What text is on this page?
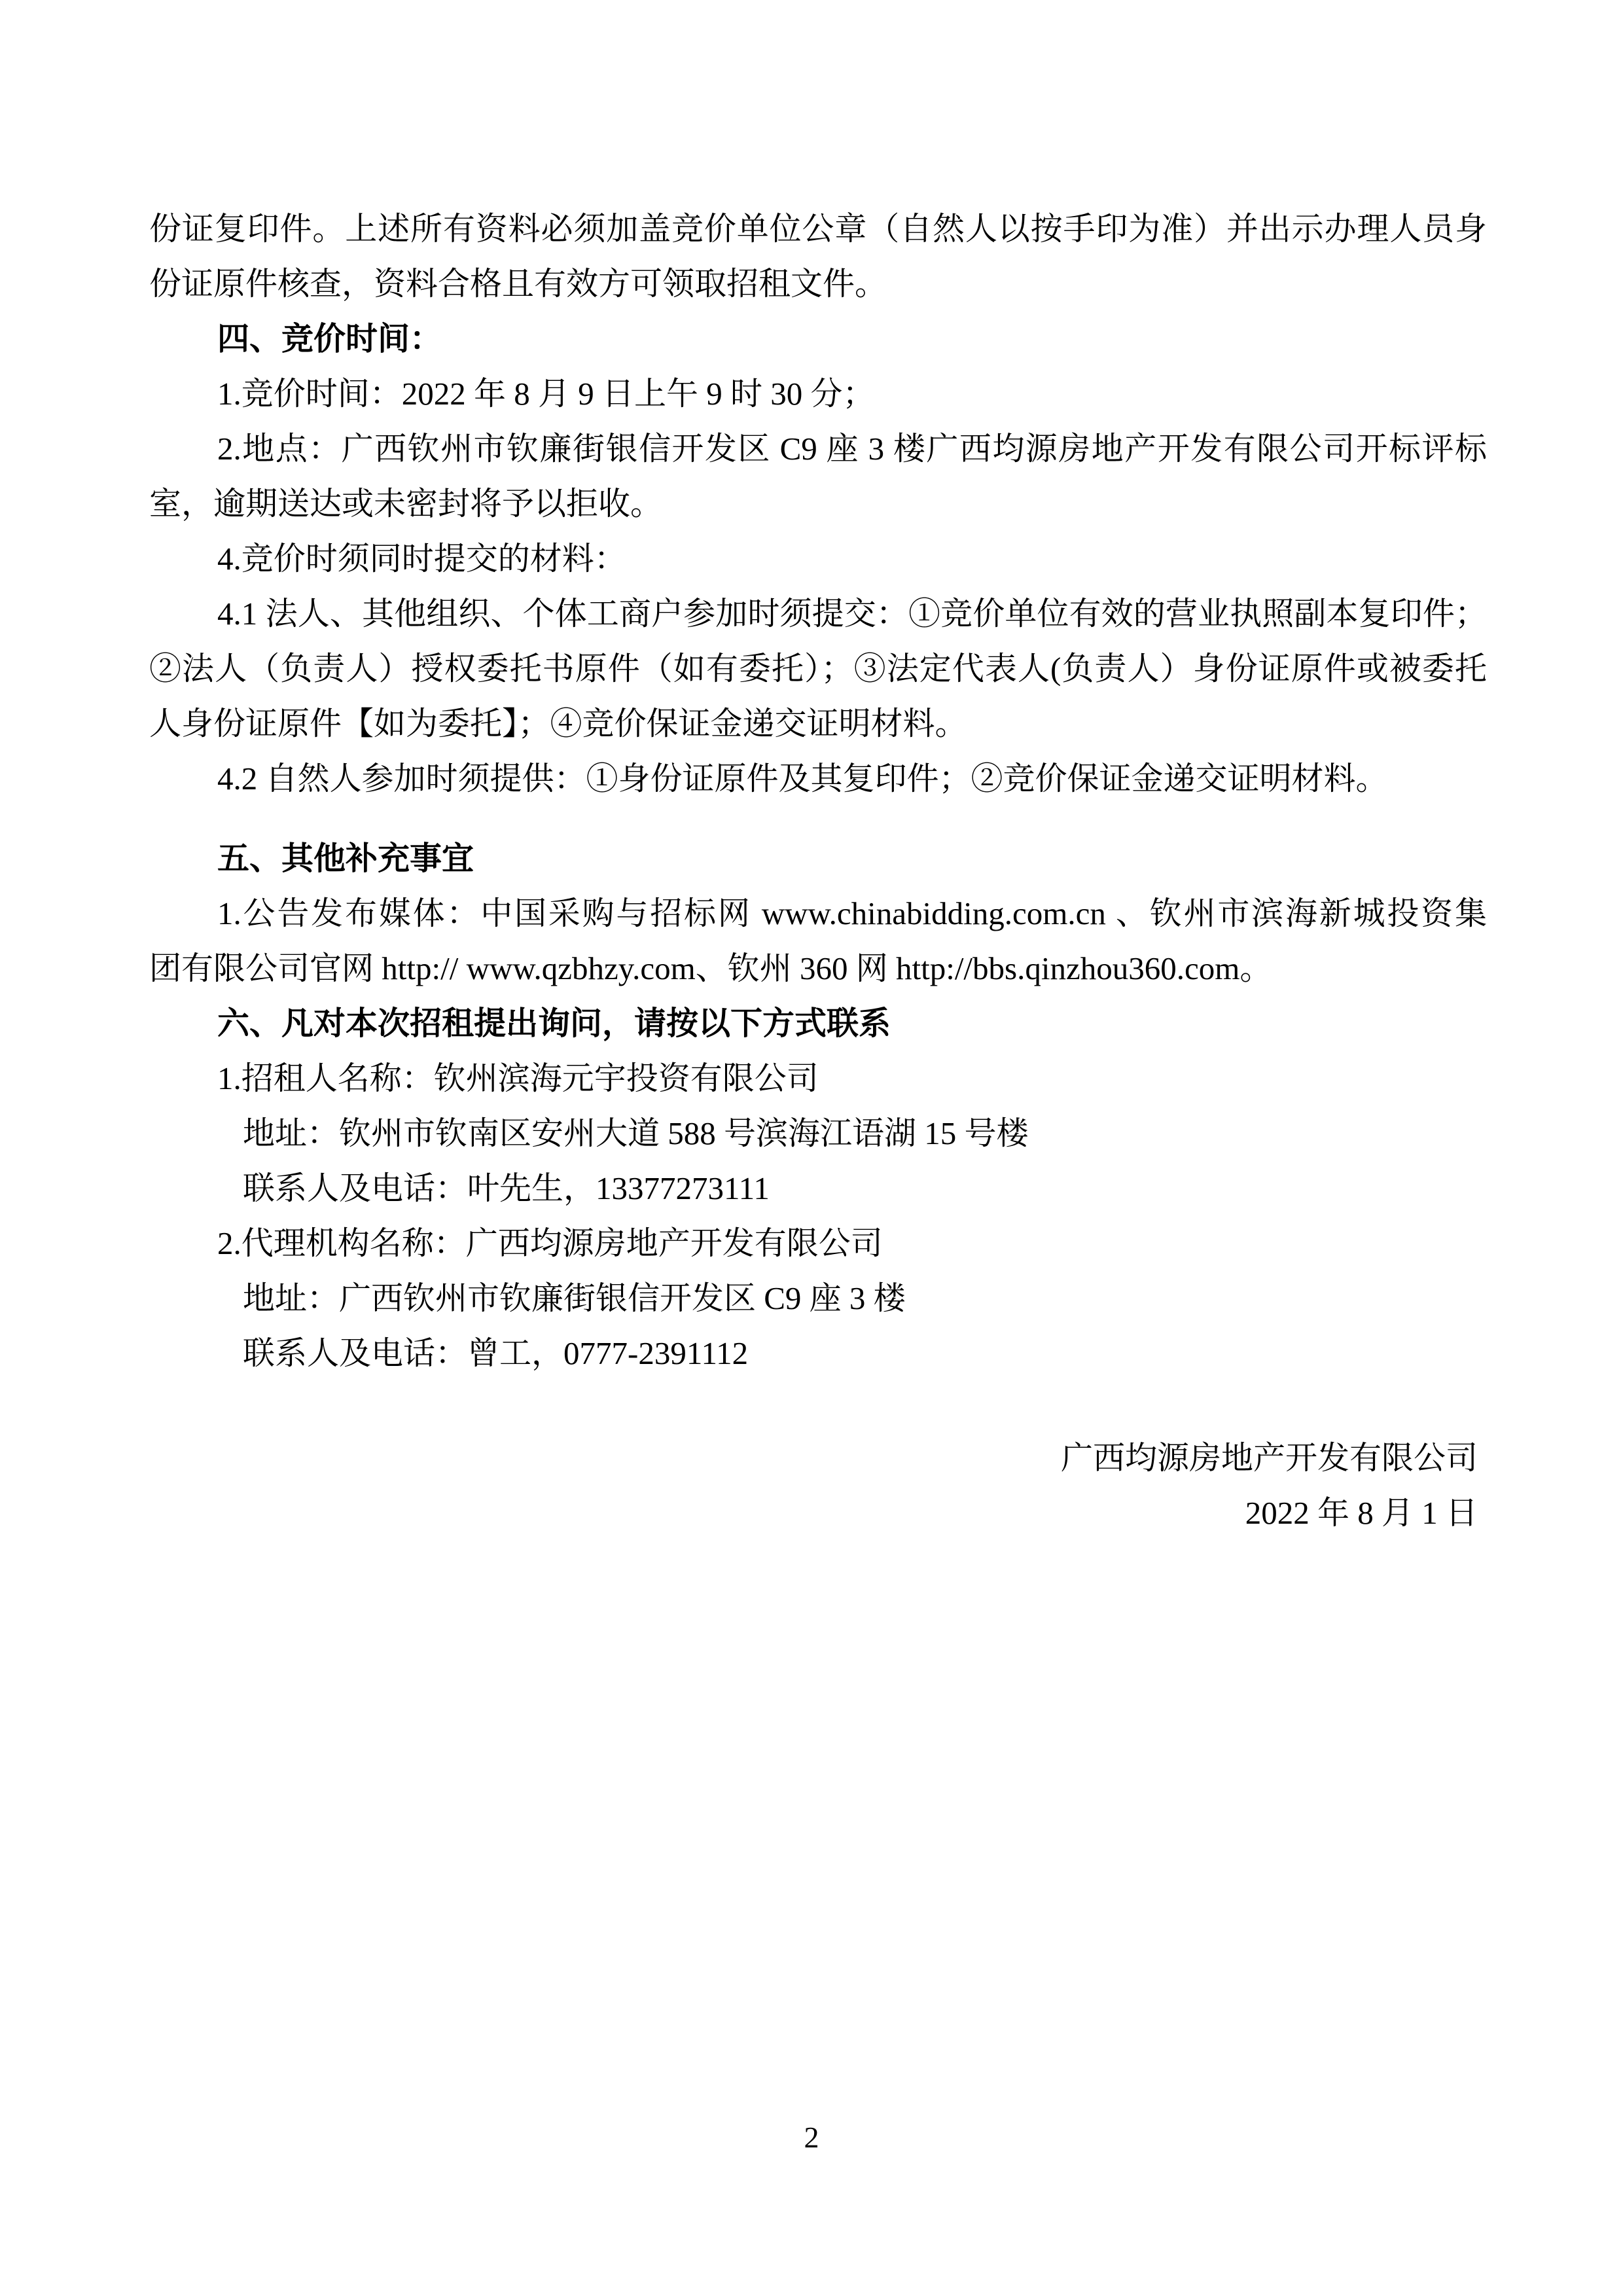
份证复印件。上述所有资料必须加盖竞价单位公章（自然人以按手印为准）并出示办理人员身

份证原件核查，资料合格且有效方可领取招租文件。

四、竞价时间：

1.竞价时间：2022 年 8 月 9 日上午 9 时 30 分；

2.地点：广西钦州市钦廉街银信开发区 C9 座 3 楼广西均源房地产开发有限公司开标评标

室，逾期送达或未密封将予以拒收。

4.竞价时须同时提交的材料：

4.1 法人、其他组织、个体工商户参加时须提交：①竞价单位有效的营业执照副本复印件；

②法人（负责人）授权委托书原件（如有委托）；③法定代表人(负责人）身份证原件或被委托

人身份证原件【如为委托】；④竞价保证金递交证明材料。

4.2 自然人参加时须提供：①身份证原件及其复印件；②竞价保证金递交证明材料。

五、其他补充事宜

1.公告发布媒体：中国采购与招标网 www.chinabidding.com.cn 、钦州市滨海新城投资集

团有限公司官网 http:// www.qzbhzy.com、钦州 360 网 http://bbs.qinzhou360.com。

六、凡对本次招租提出询问，请按以下方式联系

1.招租人名称：钦州滨海元宇投资有限公司

地址：钦州市钦南区安州大道 588 号滨海江语湖 15 号楼

联系人及电话：叶先生，13377273111

2.代理机构名称：广西均源房地产开发有限公司

地址：广西钦州市钦廉街银信开发区 C9 座 3 楼

联系人及电话：曾工，0777-2391112

广西均源房地产开发有限公司

2022 年 8 月 1 日

2
